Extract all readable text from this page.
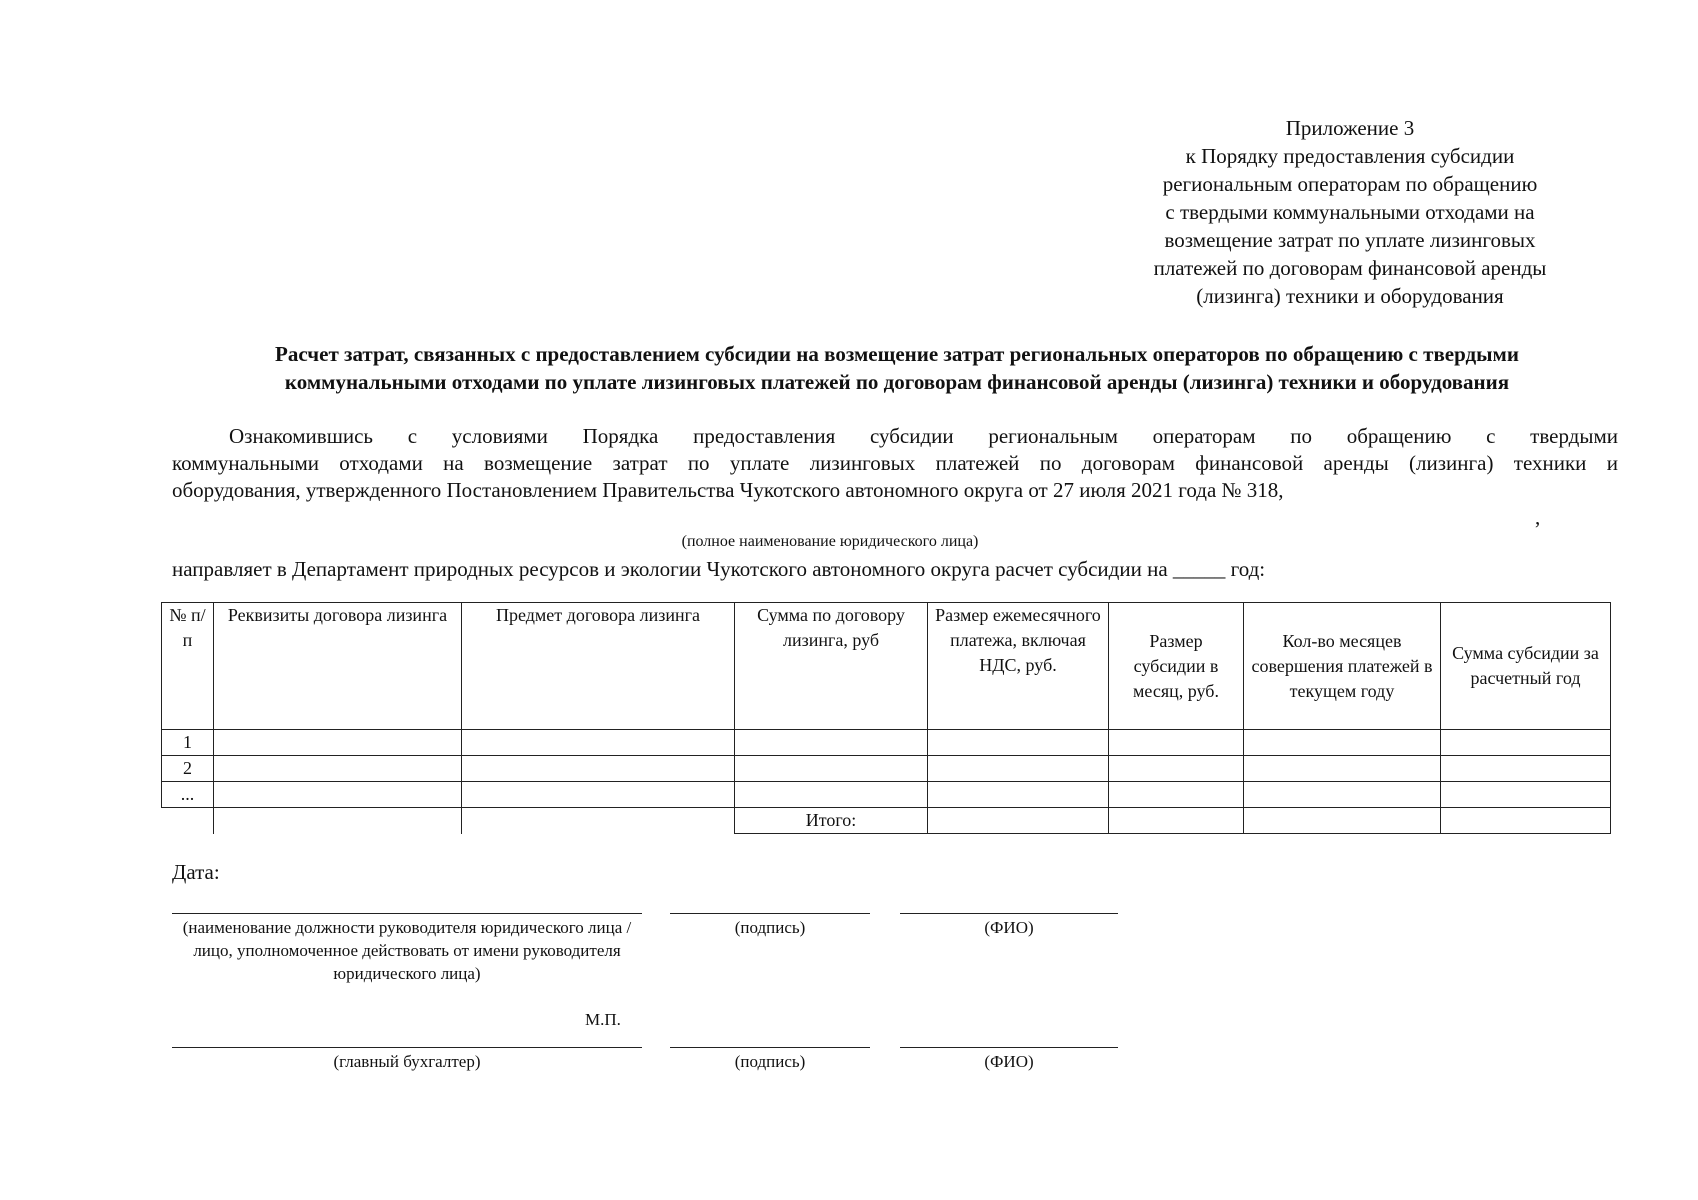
Приложение 3
к Порядку предоставления субсидии
региональным операторам по обращению
с твердыми коммунальными отходами на
возмещение затрат по уплате лизинговых
платежей по договорам финансовой аренды
(лизинга) техники и оборудования
Расчет затрат, связанных с предоставлением субсидии на возмещение затрат региональных операторов по обращению с твердыми
коммунальными отходами по уплате лизинговых платежей по договорам финансовой аренды (лизинга) техники и оборудования
Ознакомившись с условиями Порядка предоставления субсидии региональным операторам по обращению с твердыми
коммунальными отходами на возмещение затрат по уплате лизинговых платежей по договорам финансовой аренды (лизинга) техники и
оборудования, утвержденного Постановлением Правительства Чукотского автономного округа от 27 июля 2021 года № 318,
,
(полное наименование юридического лица)
направляет в Департамент природных ресурсов и экологии Чукотского автономного округа расчет субсидии на _____ год:
№ п/п	Реквизиты договора лизинга	Предмет договора лизинга	Сумма по договору лизинга, руб	Размер ежемесячного платежа, включая НДС, руб.	Размер субсидии в месяц, руб.	Кол-во месяцев совершения платежей в текущем году	Сумма субсидии за расчетный год
1							
2							
...							
			Итого:				
Дата:
(наименование должности руководителя юридического лица / лицо, уполномоченное действовать от имени руководителя юридического лица)
(подпись)	(ФИО)
М.П.
(главный бухгалтер)	(подпись)	(ФИО)
